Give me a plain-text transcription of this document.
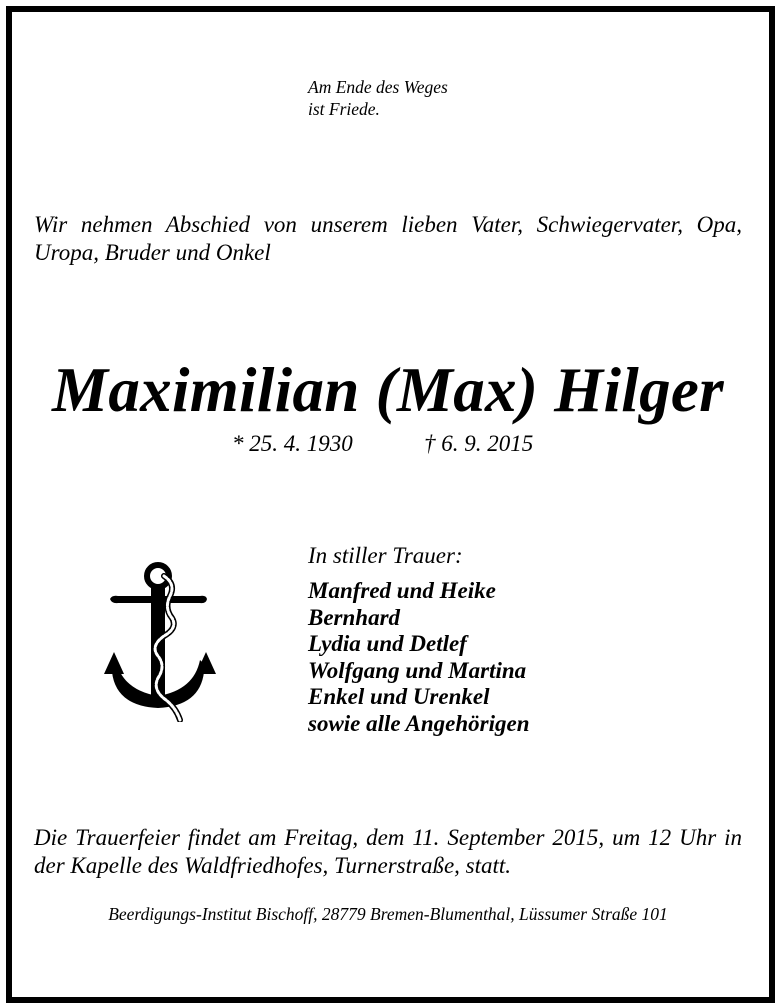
Am Ende des Weges
ist Friede.
Wir nehmen Abschied von unserem lieben Vater, Schwiegervater, Opa, Uropa, Bruder und Onkel
Maximilian (Max) Hilger
* 25. 4. 1930	† 6. 9. 2015
In stiller Trauer:
Manfred und Heike
Bernhard
Lydia und Detlef
Wolfgang und Martina
Enkel und Urenkel
sowie alle Angehörigen
Die Trauerfeier findet am Freitag, dem 11. September 2015, um 12 Uhr in der Kapelle des Waldfriedhofes, Turnerstraße, statt.
Beerdigungs-Institut Bischoff, 28779 Bremen-Blumenthal, Lüssumer Straße 101
